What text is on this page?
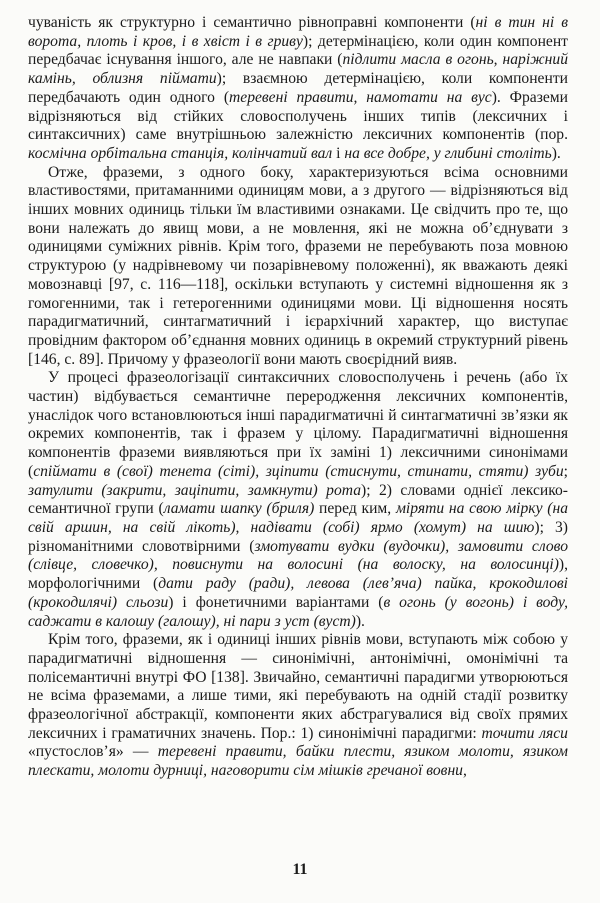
чуваність як структурно і семантично рівноправні компоненти (ні в тин ні в ворота, плоть і кров, і в хвіст і в гриву); детермінацією, коли один компонент передбачає існування іншого, але не навпаки (підлити масла в огонь, наріжний камінь, облизня піймати); взаємною детермінацією, коли компоненти передбачають один одного (теревені правити, намотати на вус). Фраземи відрізняються від стійких словосполучень інших типів (лексичних і синтаксичних) саме внутрішньою залежністю лексичних компонентів (пор. космічна орбітальна станція, колінчатий вал і на все добре, у глибині століть).

Отже, фраземи, з одного боку, характеризуються всіма основними властивостями, притаманними одиницям мови, а з другого — відрізняються від інших мовних одиниць тільки їм властивими ознаками. Це свідчить про те, що вони належать до явищ мови, а не мовлення, які не можна об’єднувати з одиницями суміжних рівнів. Крім того, фраземи не перебувають поза мовною структурою (у надрівневому чи позарівневому положенні), як вважають деякі мовознавці [97, с. 116—118], оскільки вступають у системні відношення як з гомогенними, так і гетерогенними одиницями мови. Ці відношення носять парадигматичний, синтагматичний і ієрархічний характер, що виступає провідним фактором об’єднання мовних одиниць в окремий структурний рівень [146, с. 89]. Причому у фразеології вони мають своєрідний вияв.

У процесі фразеологізації синтаксичних словосполучень і речень (або їх частин) відбувається семантичне переродження лексичних компонентів, унаслідок чого встановлюються інші парадигматичні й синтагматичні зв’язки як окремих компонентів, так і фразем у цілому. Парадигматичні відношення компонентів фраземи виявляються при їх заміні 1) лексичними синонімами (спіймати в (свої) тенета (сіті), зціпити (стиснути, стинати, стяти) зуби; затулити (закрити, заціпити, замкнути) рота); 2) словами однієї лексико-семантичної групи (ламати шапку (бриля) перед ким, міряти на свою мірку (на свій аршин, на свій лікоть), надівати (собі) ярмо (хомут) на шию); 3) різноманітними словотвірними (змотувати вудки (вудочки), замовити слово (слівце, словечко), повиснути на волосині (на волоску, на волосинці)), морфологічними (дати раду (ради), левова (лев’яча) пайка, крокодилові (крокодилячі) сльози) і фонетичними варіантами (в огонь (у вогонь) і воду, саджати в калошу (галошу), ні пари з уст (вуст)).

Крім того, фраземи, як і одиниці інших рівнів мови, вступають між собою у парадигматичні відношення — синонімічні, антонімічні, омонімічні та полісемантичні внутрі ФО [138]. Звичайно, семантичні парадигми утворюються не всіма фраземами, а лише тими, які перебувають на одній стадії розвитку фразеологічної абстракції, компоненти яких абстрагувалися від своїх прямих лексичних і граматичних значень. Пор.: 1) синонімічні парадигми: точити ляси «пустослов’я» — теревені правити, байки плести, язиком молоти, язиком плескати, молоти дурниці, наговорити сім мішків гречаної вовни,

11
